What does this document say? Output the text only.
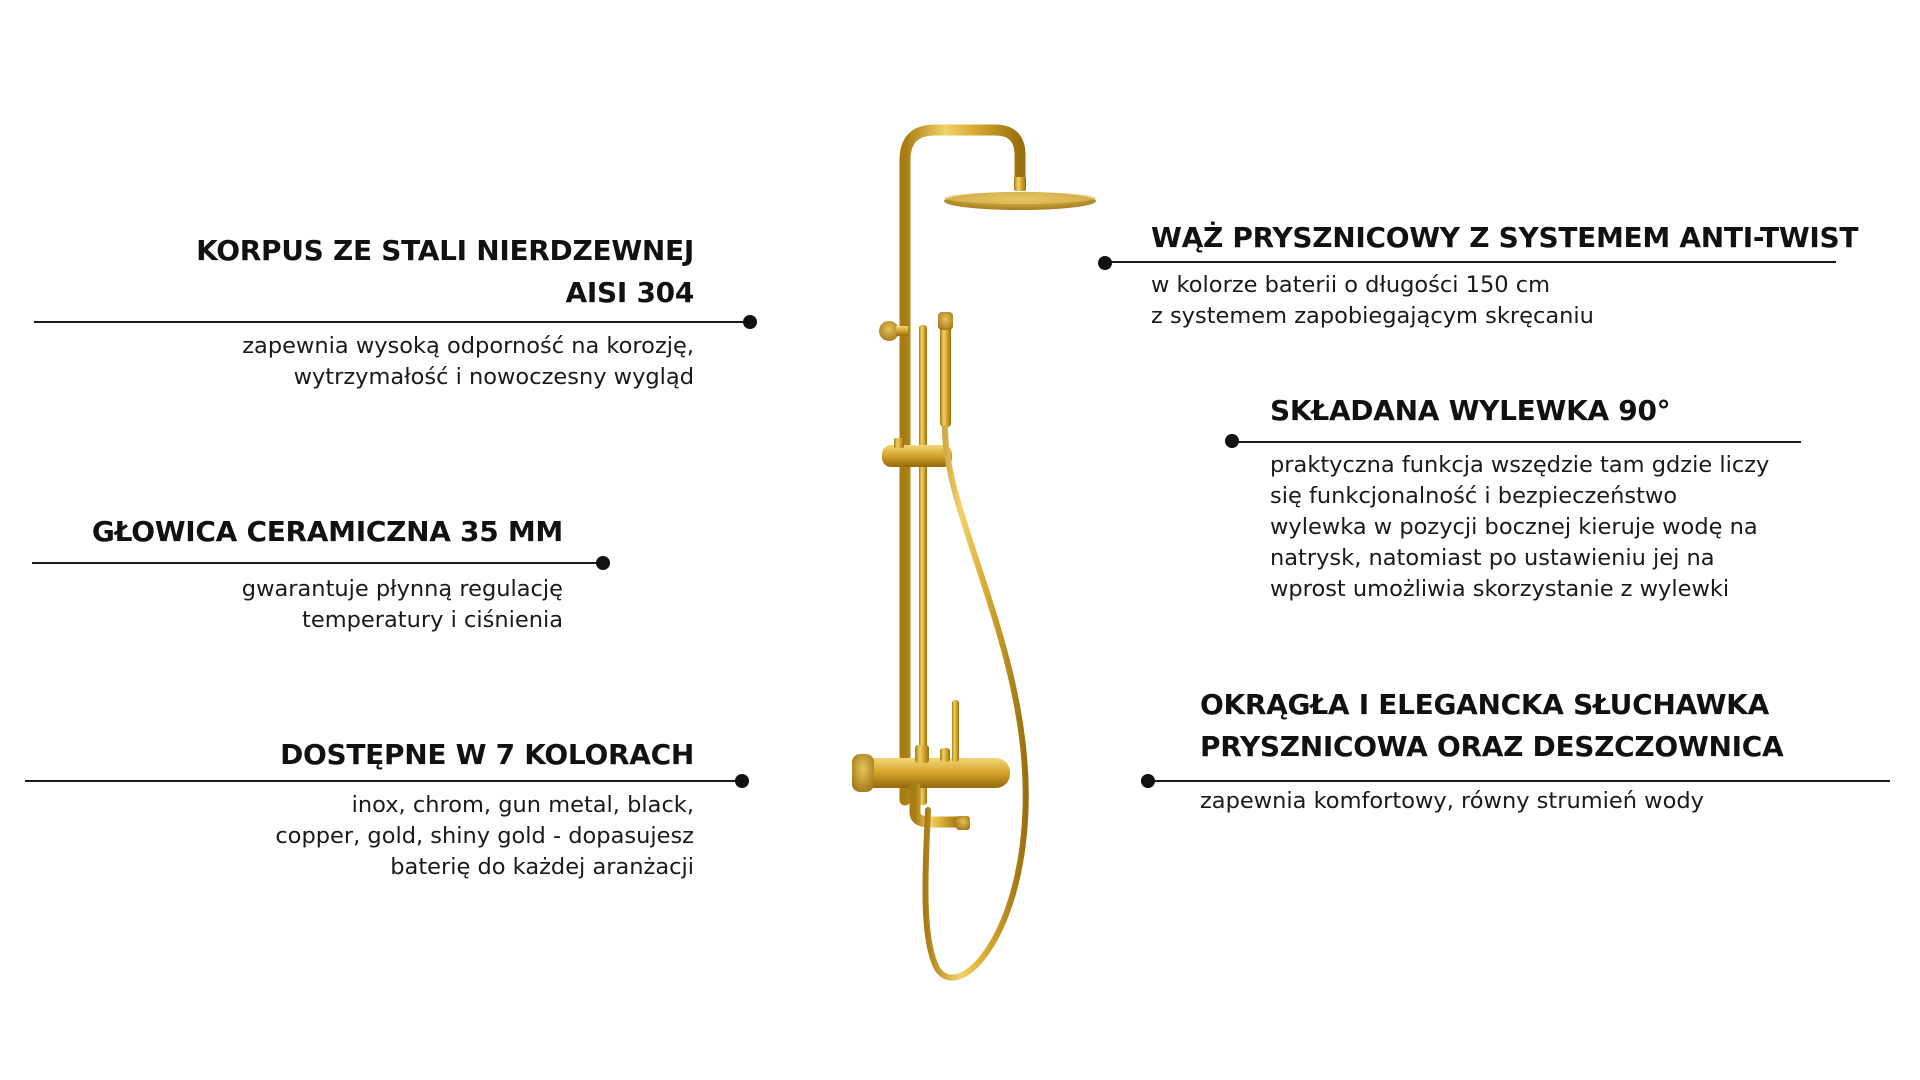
KORPUS ZE STALI NIERDZEWNEJ
AISI 304
zapewnia wysoką odporność na korozję,
wytrzymałość i nowoczesny wygląd
GŁOWICA CERAMICZNA 35 MM
gwarantuje płynną regulację
temperatury i ciśnienia
DOSTĘPNE W 7 KOLORACH
inox, chrom, gun metal, black,
copper, gold, shiny gold - dopasujesz
baterię do każdej aranżacji
WĄŻ PRYSZNICOWY Z SYSTEMEM ANTI-TWIST
w kolorze baterii o długości 150 cm
z systemem zapobiegającym skręcaniu
SKŁADANA WYLEWKA 90°
praktyczna funkcja wszędzie tam gdzie liczy
się funkcjonalność i bezpieczeństwo
wylewka w pozycji bocznej kieruje wodę na
natrysk, natomiast po ustawieniu jej na
wprost umożliwia skorzystanie z wylewki
OKRĄGŁA I ELEGANCKA SŁUCHAWKA
PRYSZNICOWA ORAZ DESZCZOWNICA
zapewnia komfortowy, równy strumień wody
